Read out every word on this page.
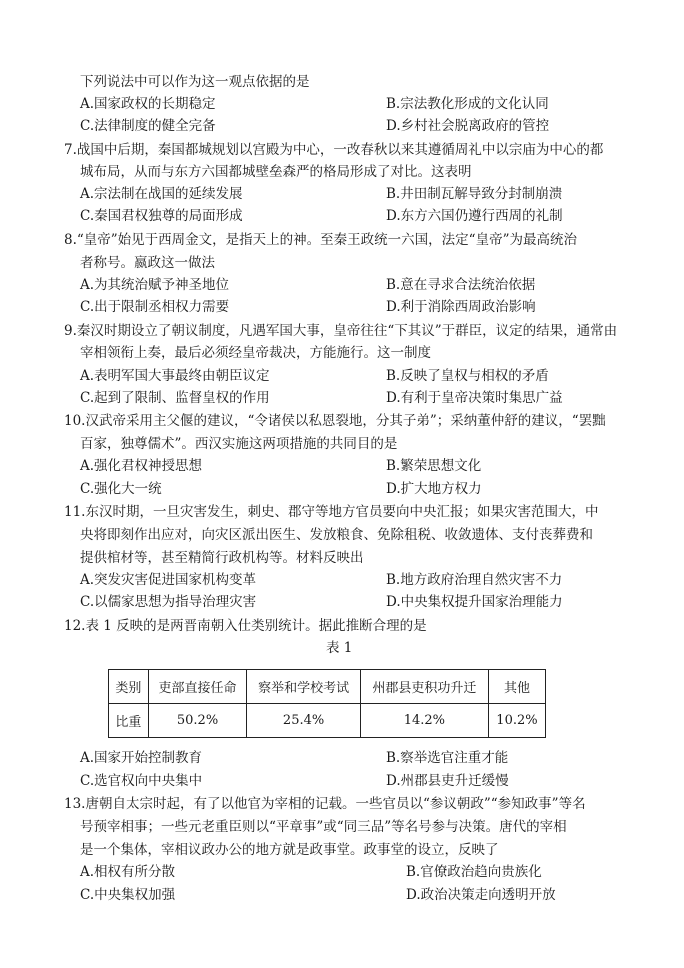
下列说法中可以作为这一观点依据的是
A.国家政权的长期稳定	B.宗法教化形成的文化认同
C.法律制度的健全完备	D.乡村社会脱离政府的管控
7.战国中后期，秦国都城规划以宫殿为中心，一改春秋以来其遵循周礼中以宗庙为中心的都
城布局，从而与东方六国都城壁垒森严的格局形成了对比。这表明
A.宗法制在战国的延续发展	B.井田制瓦解导致分封制崩溃
C.秦国君权独尊的局面形成	D.东方六国仍遵行西周的礼制
8.“皇帝”始见于西周金文，是指天上的神。至秦王政统一六国，法定“皇帝”为最高统治
者称号。嬴政这一做法
A.为其统治赋予神圣地位	B.意在寻求合法统治依据
C.出于限制丞相权力需要	D.利于消除西周政治影响
9.秦汉时期设立了朝议制度，凡遇军国大事，皇帝往往“下其议”于群臣，议定的结果，通常由
宰相领衔上奏，最后必须经皇帝裁决，方能施行。这一制度
A.表明军国大事最终由朝臣议定	B.反映了皇权与相权的矛盾
C.起到了限制、监督皇权的作用	D.有利于皇帝决策时集思广益
10.汉武帝采用主父偃的建议，“令诸侯以私恩裂地，分其子弟”；采纳董仲舒的建议，“罢黜
百家，独尊儒术”。西汉实施这两项措施的共同目的是
A.强化君权神授思想	B.繁荣思想文化
C.强化大一统	D.扩大地方权力
11.东汉时期，一旦灾害发生，刺史、郡守等地方官员要向中央汇报；如果灾害范围大，中
央将即刻作出应对，向灾区派出医生、发放粮食、免除租税、收敛遗体、支付丧葬费和
提供棺材等，甚至精简行政机构等。材料反映出
A.突发灾害促进国家机构变革	B.地方政府治理自然灾害不力
C.以儒家思想为指导治理灾害	D.中央集权提升国家治理能力
12.表 1 反映的是两晋南朝入仕类别统计。据此推断合理的是
表 1
类别	吏部直接任命	察举和学校考试	州郡县吏积功升迁	其他
比重	50.2%	25.4%	14.2%	10.2%
A.国家开始控制教育	B.察举选官注重才能
C.选官权向中央集中	D.州郡县吏升迁缓慢
13.唐朝自太宗时起，有了以他官为宰相的记载。一些官员以“参议朝政”“参知政事”等名
号预宰相事；一些元老重臣则以“平章事”或“同三品”等名号参与决策。唐代的宰相
是一个集体，宰相议政办公的地方就是政事堂。政事堂的设立，反映了
A.相权有所分散	B.官僚政治趋向贵族化
C.中央集权加强	D.政治决策走向透明开放
